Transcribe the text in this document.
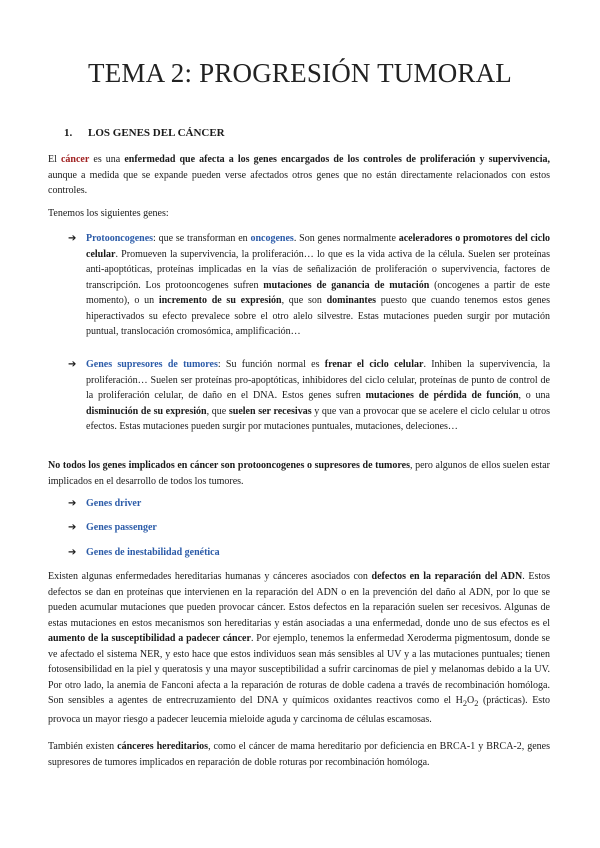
TEMA 2: PROGRESIÓN TUMORAL
1. LOS GENES DEL CÁNCER

El cáncer es una enfermedad que afecta a los genes encargados de los controles de proliferación y supervivencia, aunque a medida que se expande pueden verse afectados otros genes que no están directamente relacionados con estos controles.

Tenemos los siguientes genes:

➔ Protooncogenes: que se transforman en oncogenes. Son genes normalmente aceleradores o promotores del ciclo celular. Promueven la supervivencia, la proliferación… lo que es la vida activa de la célula. Suelen ser proteínas anti-apoptóticas, proteínas implicadas en la vías de señalización de proliferación o supervivencia, factores de transcripción. Los protooncogenes sufren mutaciones de ganancia de mutación (oncogenes a partir de este momento), o un incremento de su expresión, que son dominantes puesto que cuando tenemos estos genes hiperactivados su efecto prevalece sobre el otro alelo silvestre. Estas mutaciones pueden surgir por mutación puntual, translocación cromosómica, amplificación…
➔ Genes supresores de tumores: Su función normal es frenar el ciclo celular. Inhiben la supervivencia, la proliferación… Suelen ser proteínas pro-apoptóticas, inhibidores del ciclo celular, proteínas de punto de control de la proliferación celular, de daño en el DNA. Estos genes sufren mutaciones de pérdida de función, o una disminución de su expresión, que suelen ser recesivas y que van a provocar que se acelere el ciclo celular u otros efectos. Estas mutaciones pueden surgir por mutaciones puntuales, mutaciones, deleciones…

No todos los genes implicados en cáncer son protooncogenes o supresores de tumores, pero algunos de ellos suelen estar implicados en el desarrollo de todos los tumores.

➔ Genes driver
➔ Genes passenger
➔ Genes de inestabilidad genética

Existen algunas enfermedades hereditarias humanas y cánceres asociados con defectos en la reparación del ADN. Estos defectos se dan en proteínas que intervienen en la reparación del ADN o en la prevención del daño al ADN, por lo que se pueden acumular mutaciones que pueden provocar cáncer. Estos defectos en la reparación suelen ser recesivos. Algunas de estas mutaciones en estos mecanismos son hereditarias y están asociadas a una enfermedad, donde uno de sus efectos es el aumento de la susceptibilidad a padecer cáncer. Por ejemplo, tenemos la enfermedad Xeroderma pigmentosum, donde se ve afectado el sistema NER, y esto hace que estos individuos sean más sensibles al UV y a las mutaciones puntuales; tienen fotosensibilidad en la piel y queratosis y una mayor susceptibilidad a sufrir carcinomas de piel y melanomas debido a la UV. Por otro lado, la anemia de Fanconi afecta a la reparación de roturas de doble cadena a través de recombinación homóloga. Son sensibles a agentes de entrecruzamiento del DNA y químicos oxidantes reactivos como el $H_2O_2$ (prácticas). Esto provoca un mayor riesgo a padecer leucemia mieloide aguda y carcinoma de células escamosas.

También existen cánceres hereditarios, como el cáncer de mama hereditario por deficiencia en BRCA-1 y BRCA-2, genes supresores de tumores implicados en reparación de doble roturas por recombinación homóloga.
